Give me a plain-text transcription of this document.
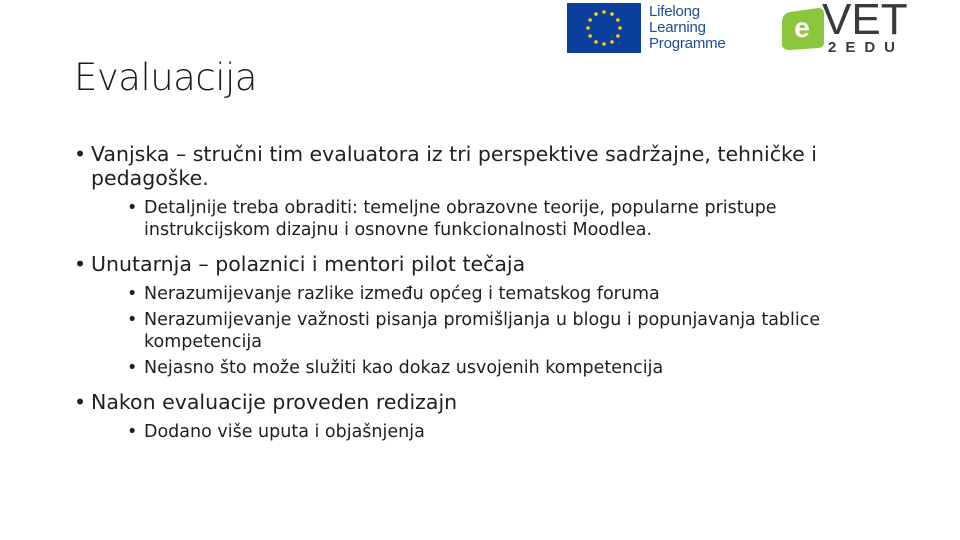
Lifelong
Learning
Programme
e VET
2EDU
Evaluacija
• Vanjska – stručni tim evaluatora iz tri perspektive sadržajne, tehničke i pedagoške.
• Detaljnije treba obraditi: temeljne obrazovne teorije, popularne pristupe instrukcijskom dizajnu i osnovne funkcionalnosti Moodlea.
• Unutarnja – polaznici i mentori pilot tečaja
• Nerazumijevanje razlike između općeg i tematskog foruma
• Nerazumijevanje važnosti pisanja promišljanja u blogu i popunjavanja tablice kompetencija
• Nejasno što može služiti kao dokaz usvojenih kompetencija
• Nakon evaluacije proveden redizajn
• Dodano više uputa i objašnjenja
